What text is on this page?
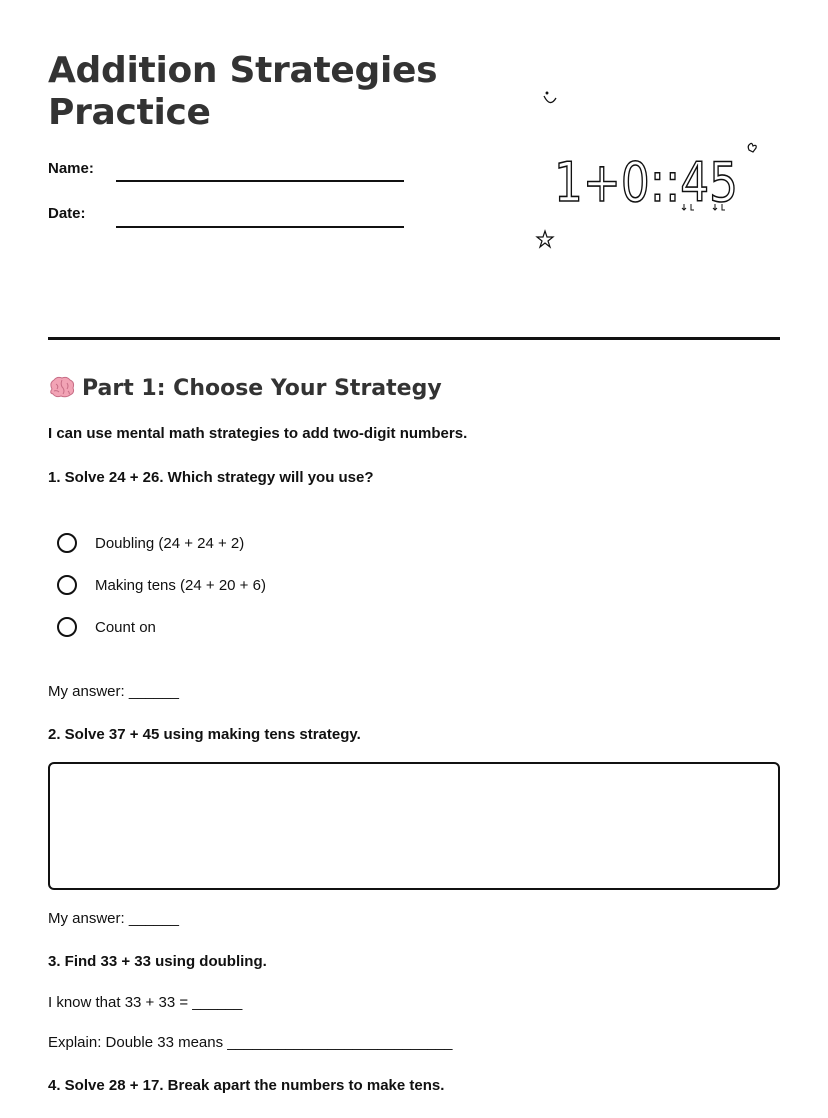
Addition Strategies
Practice
Name:
Date:	1+0::45
Part 1: Choose Your Strategy
I can use mental math strategies to add two-digit numbers.
1. Solve 24 + 26. Which strategy will you use?
Doubling (24 + 24 + 2)
Making tens (24 + 20 + 6)
Count on
My answer: ______
2. Solve 37 + 45 using making tens strategy.
My answer: ______
3. Find 33 + 33 using doubling.
I know that 33 + 33 = ______
Explain: Double 33 means ___________________________
4. Solve 28 + 17. Break apart the numbers to make tens.
